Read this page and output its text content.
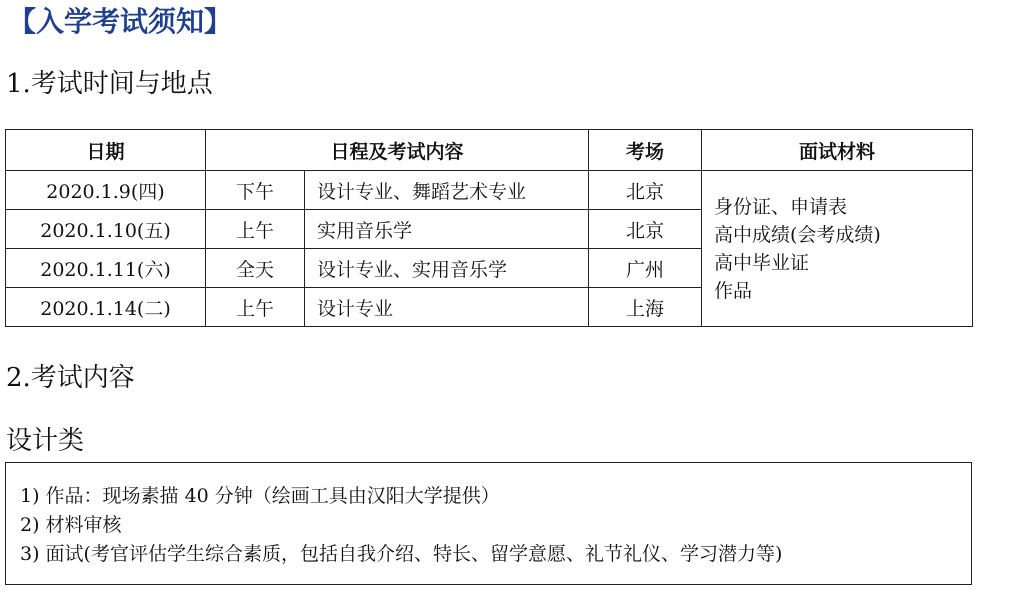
【入学考试须知】
1.考试时间与地点
日期	日程及考试内容		考场	面试材料
2020.1.9(四)	下午	设计专业、舞蹈艺术专业	北京	身份证、申请表
高中成绩(会考成绩)
高中毕业证
作品

2020.1.10(五)	上午	实用音乐学	北京	
2020.1.11(六)	全天	设计专业、实用音乐学	广州	
2020.1.14(二)	上午	设计专业	上海	
2.考试内容
设计类
1) 作品：现场素描 40 分钟（绘画工具由汉阳大学提供）
2) 材料审核
3) 面试(考官评估学生综合素质，包括自我介绍、特长、留学意愿、礼节礼仪、学习潜力等)
